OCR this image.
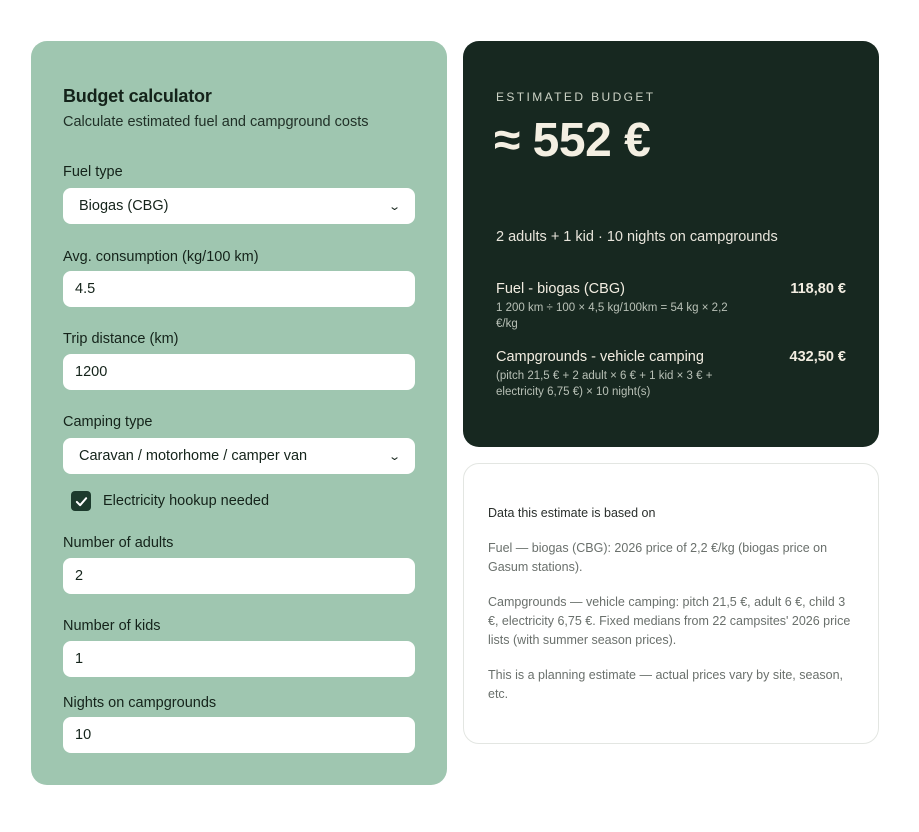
Budget calculator
Calculate estimated fuel and campground costs
Fuel type
Biogas (CBG)	⌄
Avg. consumption (kg/100 km)
4.5
Trip distance (km)
1200
Camping type
Caravan / motorhome / camper van	⌄
Electricity hookup needed
Number of adults
2
Number of kids
1
Nights on campgrounds
10
ESTIMATED BUDGET
≈ 552 €
2 adults + 1 kid · 10 nights on campgrounds
Fuel - biogas (CBG)	118,80 €
1 200 km ÷ 100 × 4,5 kg/100km = 54 kg × 2,2 €/kg
Campgrounds - vehicle camping	432,50 €
(pitch 21,5 € + 2 adult × 6 € + 1 kid × 3 € + electricity 6,75 €) × 10 night(s)
Data this estimate is based on
Fuel — biogas (CBG): 2026 price of 2,2 €/kg (biogas price on Gasum stations).
Campgrounds — vehicle camping: pitch 21,5 €, adult 6 €, child 3 €, electricity 6,75 €. Fixed medians from 22 campsites' 2026 price lists (with summer season prices).
This is a planning estimate — actual prices vary by site, season, etc.
